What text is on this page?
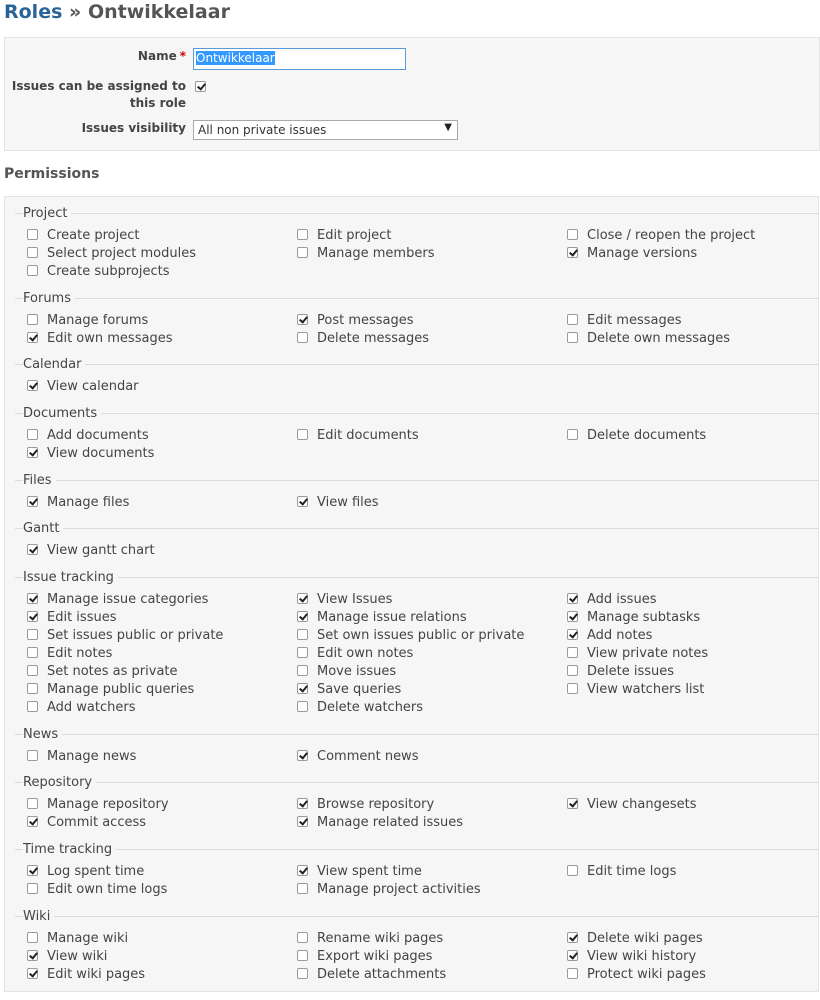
Roles » Ontwikkelaar
Name * Ontwikkelaar
Issues can be assigned to
this role
Issues visibility	All non private issues	▼
Permissions
Project
Create project	Edit project	Close / reopen the project
Select project modules	Manage members	Manage versions
Create subprojects
Forums
Manage forums	Post messages	Edit messages
Edit own messages	Delete messages	Delete own messages
Calendar
View calendar
Documents
Add documents	Edit documents	Delete documents
View documents
Files
Manage files	View files
Gantt
View gantt chart
Issue tracking
Manage issue categories	View Issues	Add issues
Edit issues	Manage issue relations	Manage subtasks
Set issues public or private	Set own issues public or private	Add notes
Edit notes	Edit own notes	View private notes
Set notes as private	Move issues	Delete issues
Manage public queries	Save queries	View watchers list
Add watchers	Delete watchers
News
Manage news	Comment news
Repository
Manage repository	Browse repository	View changesets
Commit access	Manage related issues
Time tracking
Log spent time	View spent time	Edit time logs
Edit own time logs	Manage project activities
Wiki
Manage wiki	Rename wiki pages	Delete wiki pages
View wiki	Export wiki pages	View wiki history
Edit wiki pages	Delete attachments	Protect wiki pages
